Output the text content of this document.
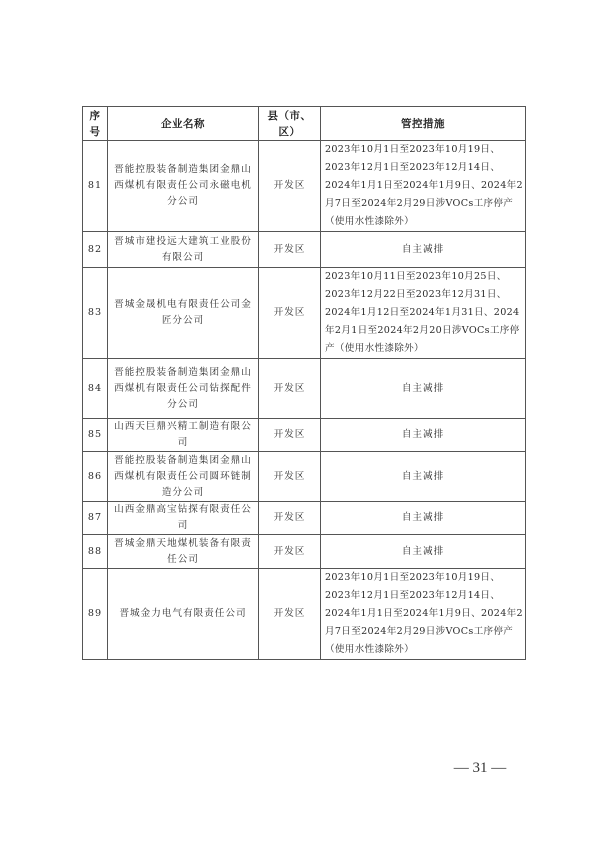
序号	企业名称	县（市、区）	管控措施
81	晋能控股装备制造集团金鼎山西煤机有限责任公司永磁电机分公司	开发区	2023年10月1日至2023年10月19日、2023年12月1日至2023年12月14日、2024年1月1日至2024年1月9日、2024年2月7日至2024年2月29日涉VOCs工序停产（使用水性漆除外）
82	晋城市建投远大建筑工业股份有限公司	开发区	自主减排
83	晋城金晟机电有限责任公司金匠分公司	开发区	2023年10月11日至2023年10月25日、2023年12月22日至2023年12月31日、2024年1月12日至2024年1月31日、2024年2月1日至2024年2月20日涉VOCs工序停产（使用水性漆除外）
84	晋能控股装备制造集团金鼎山西煤机有限责任公司钻探配件分公司	开发区	自主减排
85	山西天巨鼎兴精工制造有限公司	开发区	自主减排
86	晋能控股装备制造集团金鼎山西煤机有限责任公司圆环链制造分公司	开发区	自主减排
87	山西金鼎高宝钻探有限责任公司	开发区	自主减排
88	晋城金鼎天地煤机装备有限责任公司	开发区	自主减排
89	晋城金力电气有限责任公司	开发区	2023年10月1日至2023年10月19日、2023年12月1日至2023年12月14日、2024年1月1日至2024年1月9日、2024年2月7日至2024年2月29日涉VOCs工序停产（使用水性漆除外）
— 31 —
